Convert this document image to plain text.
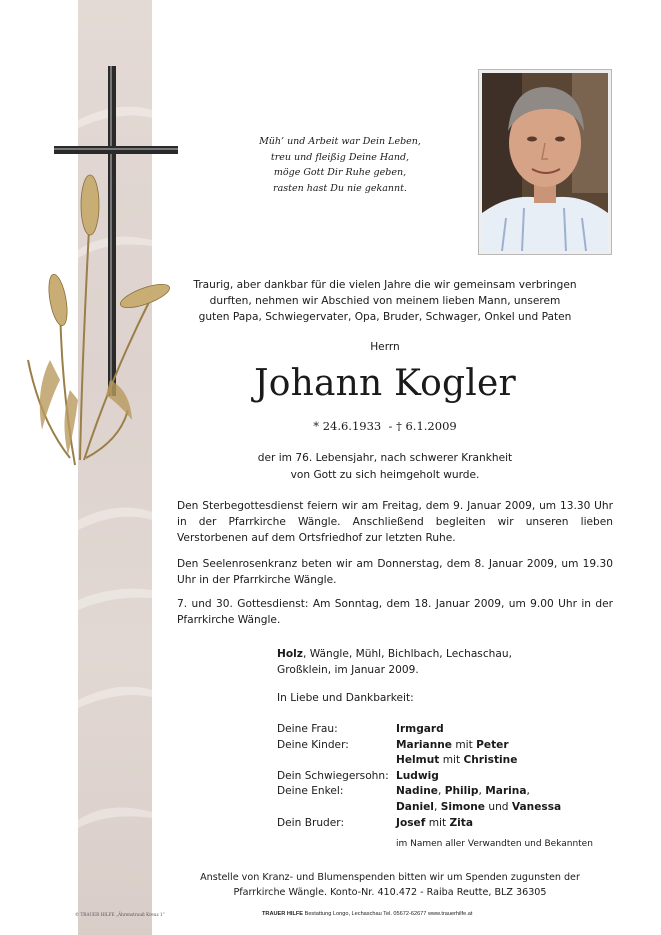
Müh’ und Arbeit war Dein Leben,
treu und fleißig Deine Hand,
möge Gott Dir Ruhe geben,
rasten hast Du nie gekannt.
Traurig, aber dankbar für die vielen Jahre die wir gemeinsam verbringen
durften, nehmen wir Abschied von meinem lieben Mann, unserem
guten Papa, Schwiegervater, Opa, Bruder, Schwager, Onkel und Paten
Herrn
Johann Kogler
* 24.6.1933  - † 6.1.2009
der im 76. Lebensjahr, nach schwerer Krankheit
von Gott zu sich heimgeholt wurde.
Den Sterbegottesdienst feiern wir am Freitag, dem 9. Januar 2009, um 13.30 Uhr in der Pfarrkirche Wängle. Anschließend begleiten wir unseren lieben Verstorbenen auf dem Ortsfriedhof zur letzten Ruhe.
Den Seelenrosenkranz beten wir am Donnerstag, dem 8. Januar 2009, um 19.30 Uhr in der Pfarrkirche Wängle.
7. und 30. Gottesdienst: Am Sonntag, dem 18. Januar 2009, um 9.00 Uhr in der Pfarrkirche Wängle.
Holz, Wängle, Mühl, Bichlbach, Lechaschau,
Großklein, im Januar 2009.
In Liebe und Dankbarkeit:
Deine Frau:	Irmgard
Deine Kinder:	Marianne mit Peter
Helmut mit Christine
Dein Schwiegersohn: Ludwig
Deine Enkel:	Nadine, Philip, Marina,
Daniel, Simone und Vanessa
Dein Bruder:	Josef mit Zita
im Namen aller Verwandten und Bekannten
Anstelle von Kranz- und Blumenspenden bitten wir um Spenden zugunsten der
Pfarrkirche Wängle. Konto-Nr. 410.472 - Raiba Reutte, BLZ 36305
© TRAUER HILFE „Ährenstrauß Kreuz 1“	TRAUER HILFE Bestattung Longo, Lechaschau Tel. 05672-62677 www.trauerhilfe.at
